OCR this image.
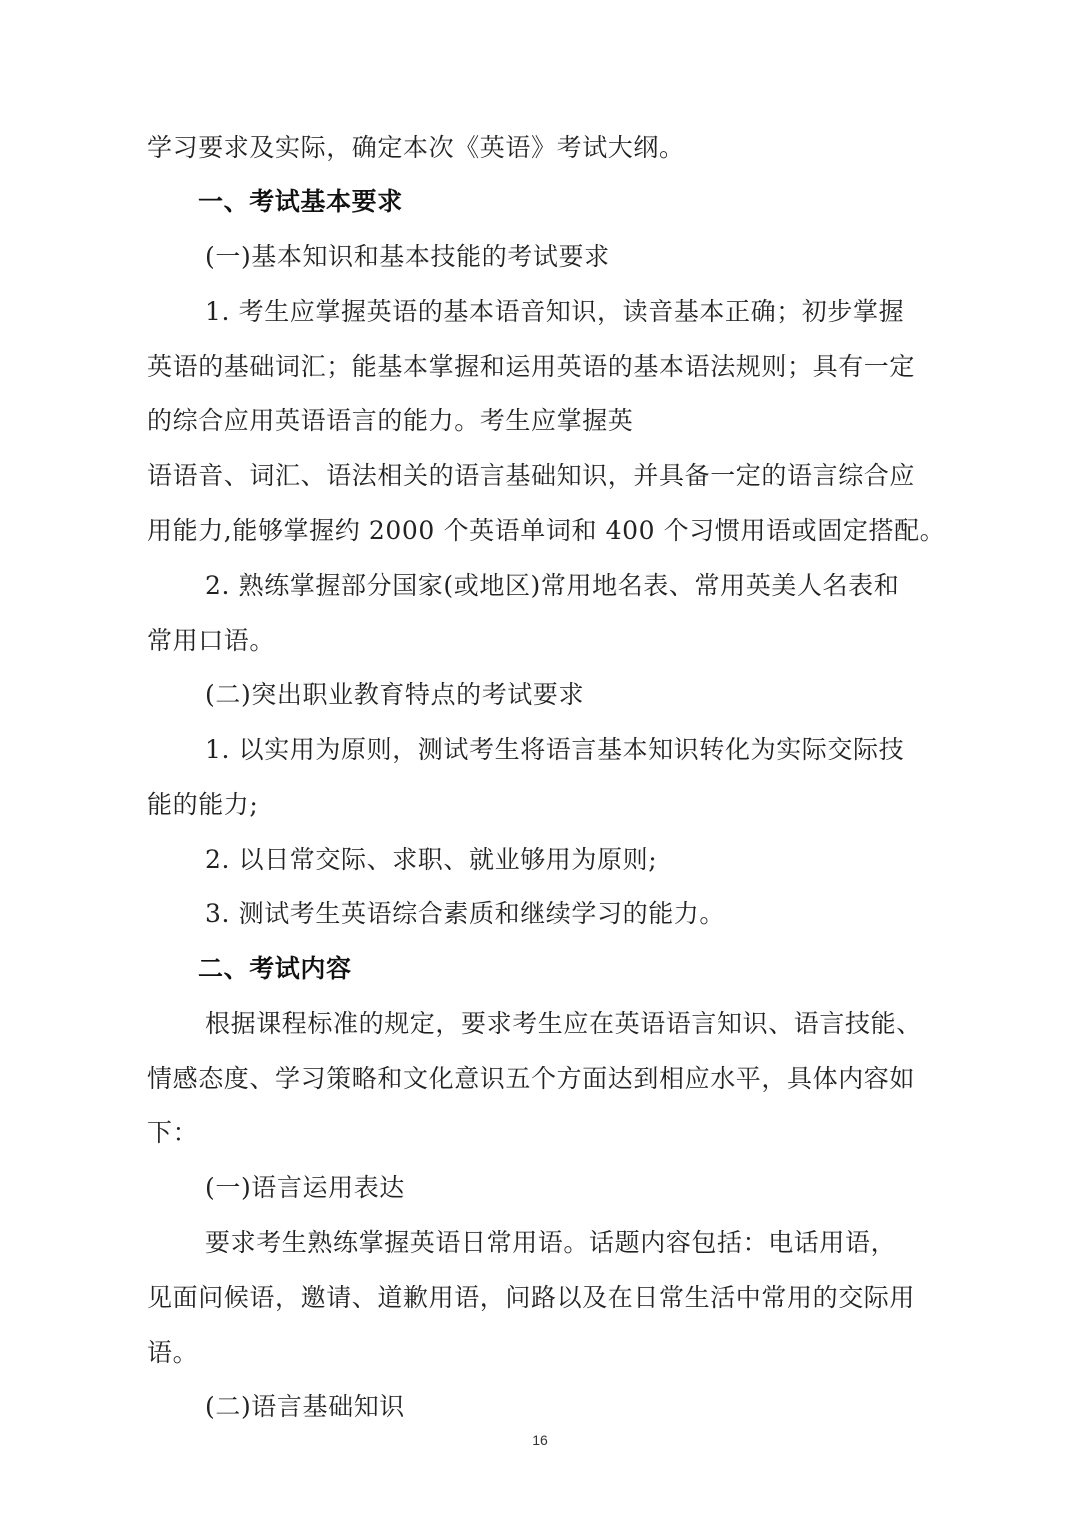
学习要求及实际，确定本次《英语》考试大纲。
一、考试基本要求
(一)基本知识和基本技能的考试要求
1. 考生应掌握英语的基本语音知识，读音基本正确；初步掌握
英语的基础词汇；能基本掌握和运用英语的基本语法规则；具有一定
的综合应用英语语言的能力。考生应掌握英
语语音、词汇、语法相关的语言基础知识，并具备一定的语言综合应
用能力,能够掌握约 2000 个英语单词和 400 个习惯用语或固定搭配。
2. 熟练掌握部分国家(或地区)常用地名表、常用英美人名表和
常用口语。
(二)突出职业教育特点的考试要求
1. 以实用为原则，测试考生将语言基本知识转化为实际交际技
能的能力;
2. 以日常交际、求职、就业够用为原则;
3. 测试考生英语综合素质和继续学习的能力。
二、考试内容
根据课程标准的规定，要求考生应在英语语言知识、语言技能、
情感态度、学习策略和文化意识五个方面达到相应水平，具体内容如
下：
(一)语言运用表达
要求考生熟练掌握英语日常用语。话题内容包括：电话用语，
见面问候语，邀请、道歉用语，问路以及在日常生活中常用的交际用
语。
(二)语言基础知识
16
